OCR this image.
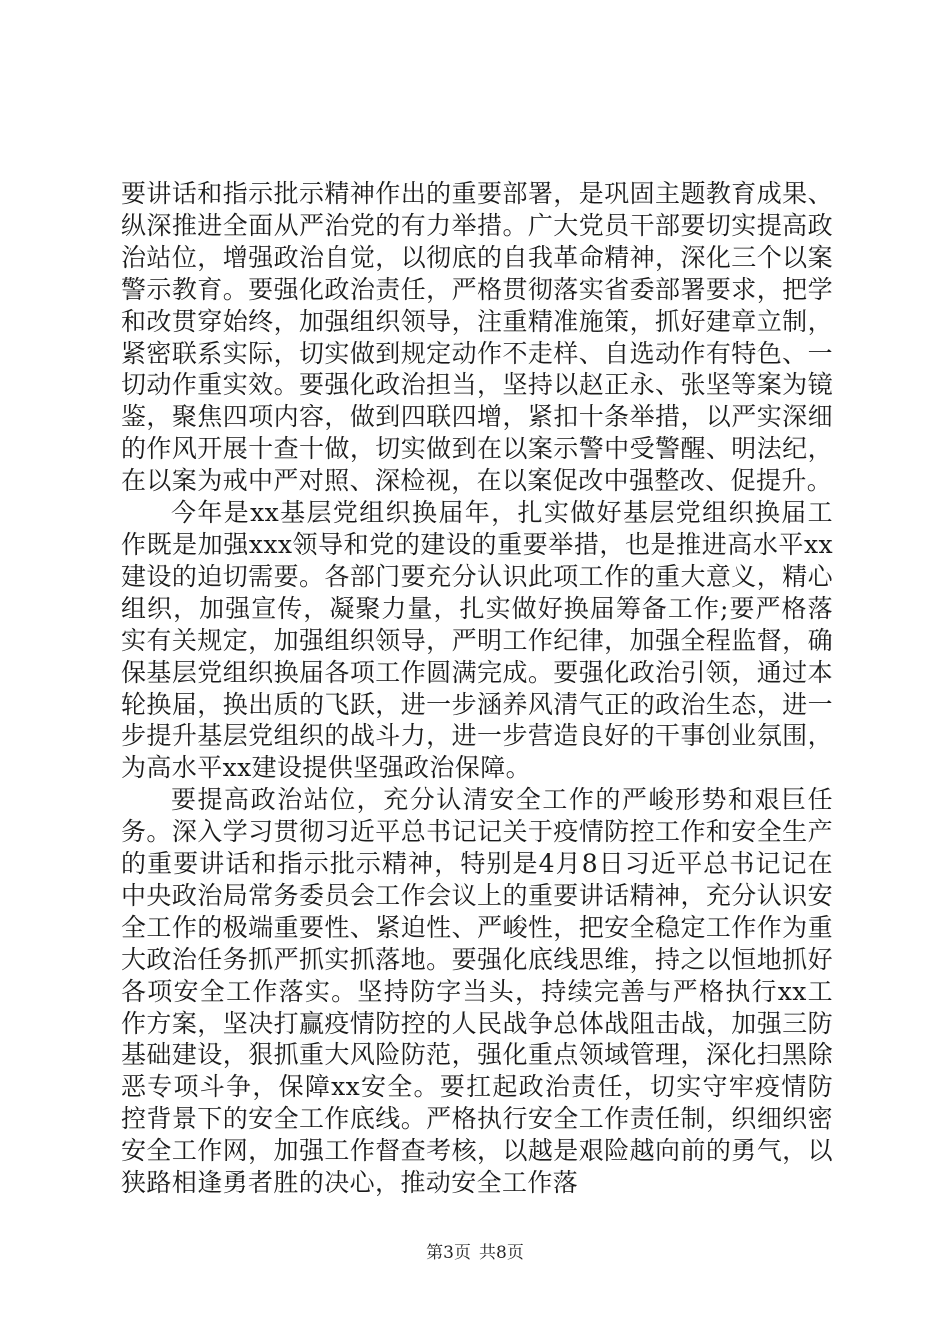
要讲话和指示批示精神作出的重要部署，是巩固主题教育成果、纵深推进全面从严治党的有力举措。广大党员干部要切实提高政治站位，增强政治自觉，以彻底的自我革命精神，深化三个以案警示教育。要强化政治责任，严格贯彻落实省委部署要求，把学和改贯穿始终，加强组织领导，注重精准施策，抓好建章立制，紧密联系实际，切实做到规定动作不走样、自选动作有特色、一切动作重实效。要强化政治担当，坚持以赵正永、张坚等案为镜鉴，聚焦四项内容，做到四联四增，紧扣十条举措，以严实深细的作风开展十查十做，切实做到在以案示警中受警醒、明法纪，在以案为戒中严对照、深检视，在以案促改中强整改、促提升。

今年是xx基层党组织换届年，扎实做好基层党组织换届工作既是加强xxx领导和党的建设的重要举措，也是推进高水平xx建设的迫切需要。各部门要充分认识此项工作的重大意义，精心组织，加强宣传，凝聚力量，扎实做好换届筹备工作;要严格落实有关规定，加强组织领导，严明工作纪律，加强全程监督，确保基层党组织换届各项工作圆满完成。要强化政治引领，通过本轮换届，换出质的飞跃，进一步涵养风清气正的政治生态，进一步提升基层党组织的战斗力，进一步营造良好的干事创业氛围，为高水平xx建设提供坚强政治保障。

要提高政治站位，充分认清安全工作的严峻形势和艰巨任务。深入学习贯彻习近平总书记记关于疫情防控工作和安全生产的重要讲话和指示批示精神，特别是4月8日习近平总书记记在中央政治局常务委员会工作会议上的重要讲话精神，充分认识安全工作的极端重要性、紧迫性、严峻性，把安全稳定工作作为重大政治任务抓严抓实抓落地。要强化底线思维，持之以恒地抓好各项安全工作落实。坚持防字当头，持续完善与严格执行xx工作方案，坚决打赢疫情防控的人民战争总体战阻击战，加强三防基础建设，狠抓重大风险防范，强化重点领域管理，深化扫黑除恶专项斗争，保障xx安全。要扛起政治责任，切实守牢疫情防控背景下的安全工作底线。严格执行安全工作责任制，织细织密安全工作网，加强工作督查考核，以越是艰险越向前的勇气，以狭路相逢勇者胜的决心，推动安全工作落

第3页 共8页
